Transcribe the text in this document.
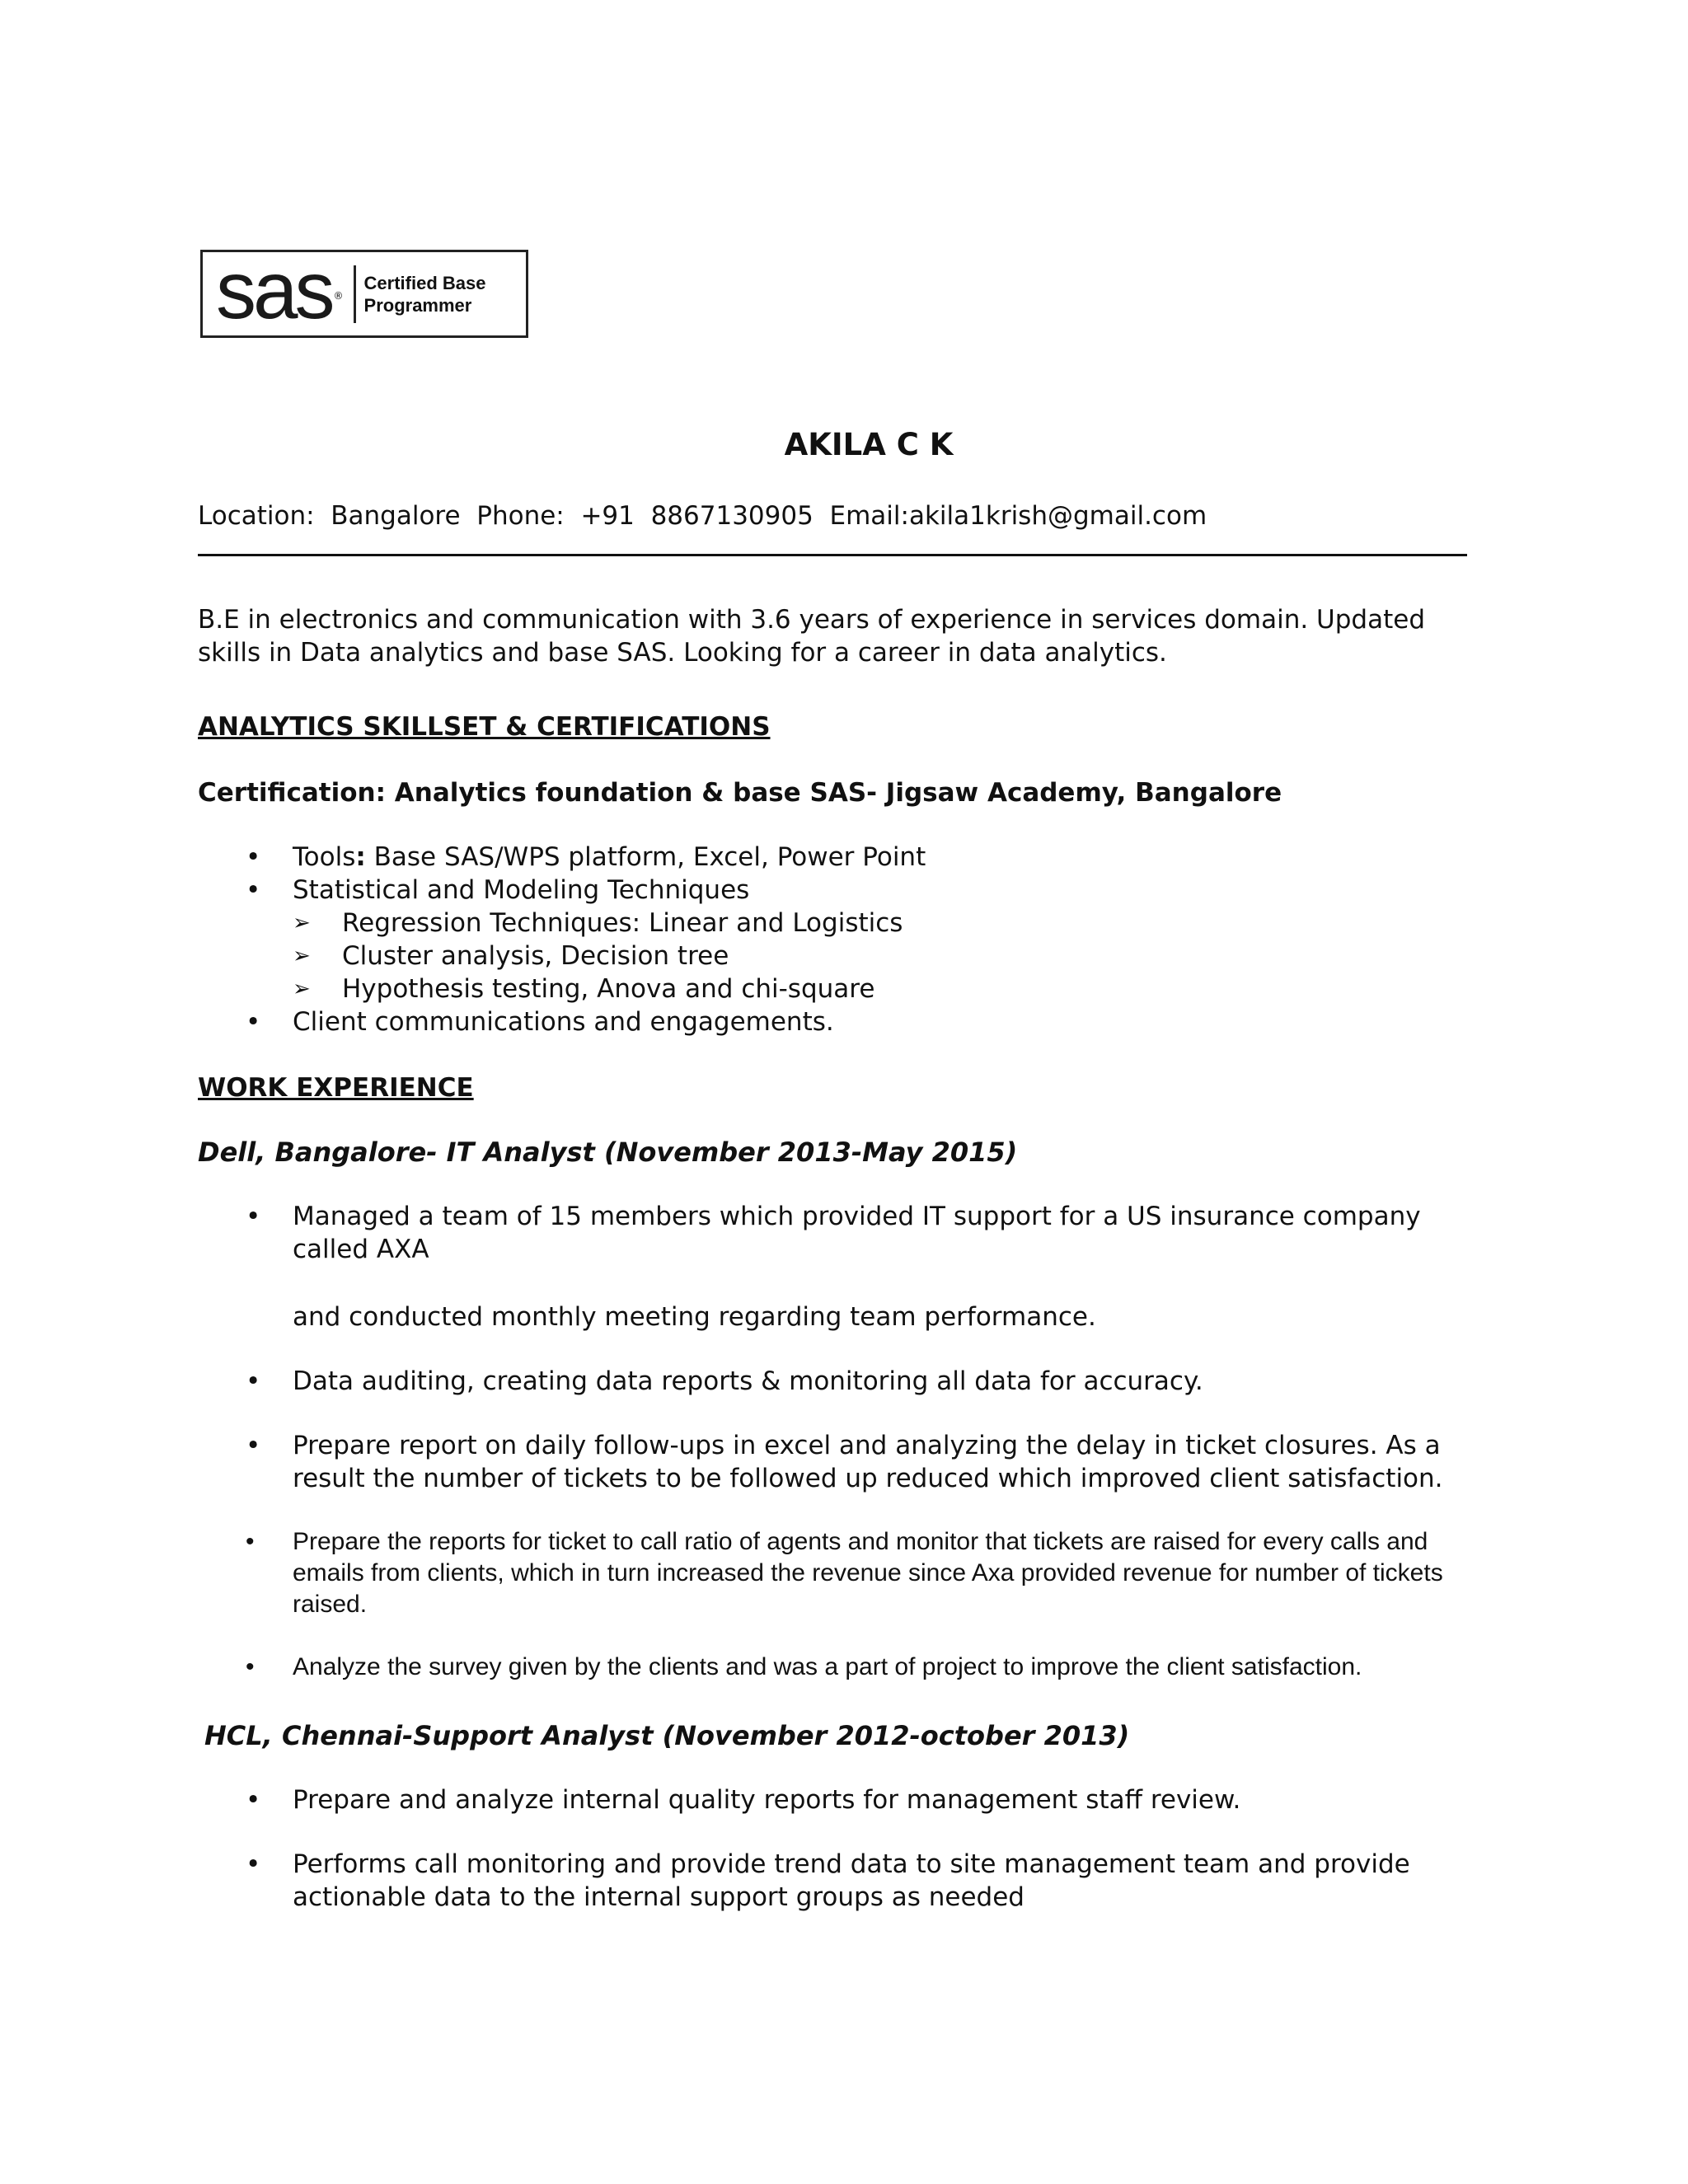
sas ®
Certified Base
Programmer
AKILA C K
Location:  Bangalore  Phone:  +91  8867130905  Email:akila1krish@gmail.com
B.E in electronics and communication with 3.6 years of experience in services domain. Updated skills in Data analytics and base SAS. Looking for a career in data analytics.
ANALYTICS SKILLSET & CERTIFICATIONS
Certification: Analytics foundation & base SAS- Jigsaw Academy, Bangalore
• Tools: Base SAS/WPS platform, Excel, Power Point
• Statistical and Modeling Techniques
➢ Regression Techniques: Linear and Logistics
➢ Cluster analysis, Decision tree
➢ Hypothesis testing, Anova and chi-square
• Client communications and engagements.
WORK EXPERIENCE
Dell, Bangalore- IT Analyst (November 2013-May 2015)
• Managed a team of 15 members which provided IT support for a US insurance company called AXA
and conducted monthly meeting regarding team performance.
• Data auditing, creating data reports & monitoring all data for accuracy.
• Prepare report on daily follow-ups in excel and analyzing the delay in ticket closures. As a result the number of tickets to be followed up reduced which improved client satisfaction.
• Prepare the reports for ticket to call ratio of agents and monitor that tickets are raised for every calls and emails from clients, which in turn increased the revenue since Axa provided revenue for number of tickets raised.
• Analyze the survey given by the clients and was a part of project to improve the client satisfaction.
HCL, Chennai-Support Analyst (November 2012-october 2013)
• Prepare and analyze internal quality reports for management staff review.
• Performs call monitoring and provide trend data to site management team and provide actionable data to the internal support groups as needed
